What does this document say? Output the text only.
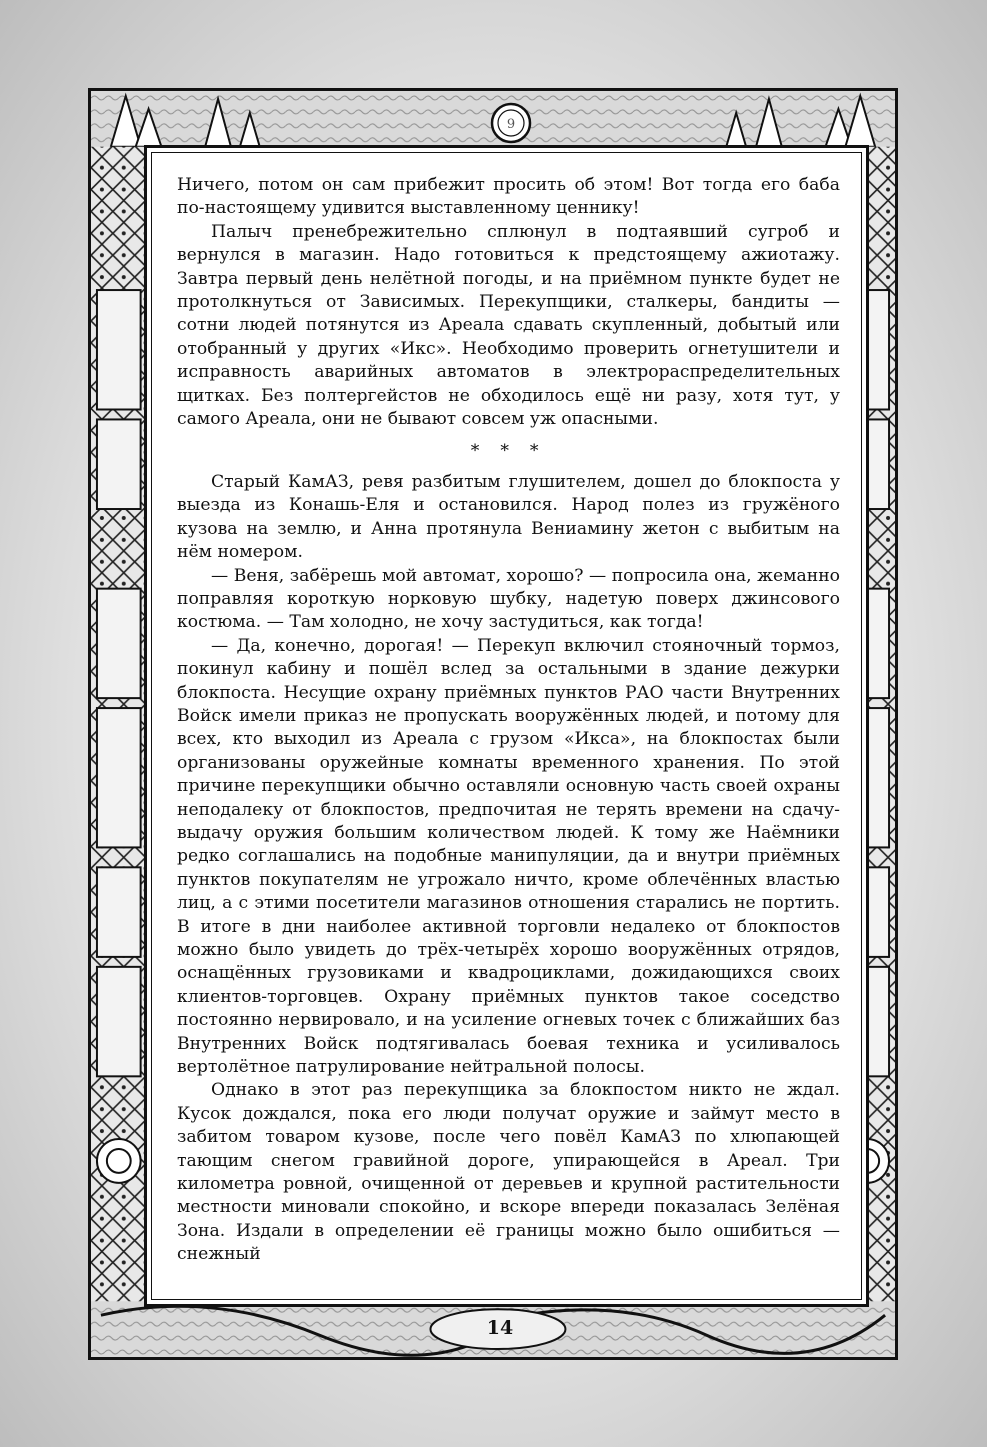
9

Ничего, потом он сам прибежит просить об этом! Вот тогда его баба по-настоящему удивится выставленному ценнику!

Палыч пренебрежительно сплюнул в подтаявший сугроб и вернулся в магазин. Надо готовиться к предстоящему ажиотажу. Завтра первый день нелётной погоды, и на приёмном пункте будет не протолкнуться от Зависимых. Перекупщики, сталкеры, бандиты — сотни людей потянутся из Ареала сдавать скупленный, добытый или отобранный у других «Икс». Необходимо проверить огнетушители и исправность аварийных автоматов в электрораспределительных щитках. Без полтергейстов не обходилось ещё ни разу, хотя тут, у самого Ареала, они не бывают совсем уж опасными.

* * *

Старый КамАЗ, ревя разбитым глушителем, дошел до блокпоста у выезда из Конашь-Еля и остановился. Народ полез из гружёного кузова на землю, и Анна протянула Вениамину жетон с выбитым на нём номером.

— Веня, забёрешь мой автомат, хорошо? — попросила она, жеманно поправляя короткую норковую шубку, надетую поверх джинсового костюма. — Там холодно, не хочу застудиться, как тогда!

— Да, конечно, дорогая! — Перекуп включил стояночный тормоз, покинул кабину и пошёл вслед за остальными в здание дежурки блокпоста. Несущие охрану приёмных пунктов РАО части Внутренних Войск имели приказ не пропускать вооружённых людей, и потому для всех, кто выходил из Ареала с грузом «Икса», на блокпостах были организованы оружейные комнаты временного хранения. По этой причине перекупщики обычно оставляли основную часть своей охраны неподалеку от блокпостов, предпочитая не терять времени на сдачу-выдачу оружия большим количеством людей. К тому же Наёмники редко соглашались на подобные манипуляции, да и внутри приёмных пунктов покупателям не угрожало ничто, кроме облечённых властью лиц, а с этими посетители магазинов отношения старались не портить. В итоге в дни наиболее активной торговли недалеко от блокпостов можно было увидеть до трёх-четырёх хорошо вооружённых отрядов, оснащённых грузовиками и квадроциклами, дожидающихся своих клиентов-торговцев. Охрану приёмных пунктов такое соседство постоянно нервировало, и на усиление огневых точек с ближайших баз Внутренних Войск подтягивалась боевая техника и усиливалось вертолётное патрулирование нейтральной полосы.

Однако в этот раз перекупщика за блокпостом никто не ждал. Кусок дождался, пока его люди получат оружие и займут место в забитом товаром кузове, после чего повёл КамАЗ по хлюпающей тающим снегом гравийной дороге, упирающейся в Ареал. Три километра ровной, очищенной от деревьев и крупной растительности местности миновали спокойно, и вскоре впереди показалась Зелёная Зона. Издали в определении её границы можно было ошибиться — снежный

14
